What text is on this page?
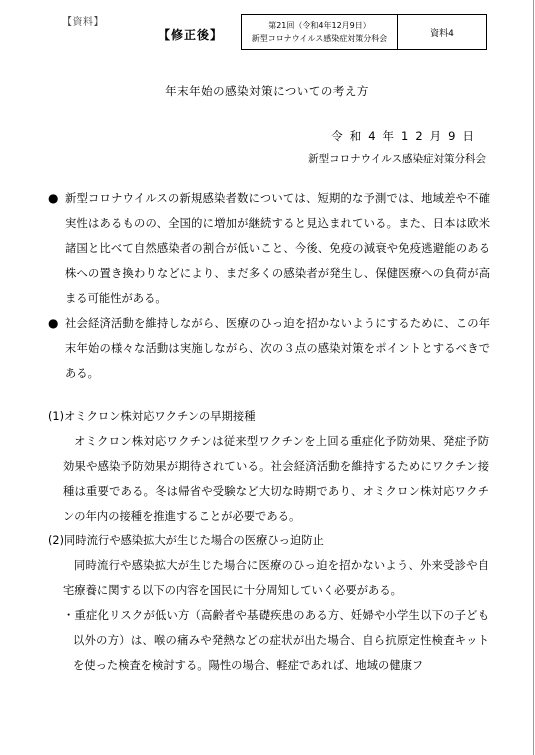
【資料】
【修正後】
第21回（令和4年12月9日）
新型コロナウイルス感染症対策分科会	資料4
年末年始の感染対策についての考え方
令和4年12月9日
新型コロナウイルス感染症対策分科会
● 新型コロナウイルスの新規感染者数については、短期的な予測では、地域差や不確実性はあるものの、全国的に増加が継続すると見込まれている。また、日本は欧米諸国と比べて自然感染者の割合が低いこと、今後、免疫の減衰や免疫逃避能のある株への置き換わりなどにより、まだ多くの感染者が発生し、保健医療への負荷が高まる可能性がある。
● 社会経済活動を維持しながら、医療のひっ迫を招かないようにするために、この年末年始の様々な活動は実施しながら、次の３点の感染対策をポイントとするべきである。
(1)オミクロン株対応ワクチンの早期接種
オミクロン株対応ワクチンは従来型ワクチンを上回る重症化予防効果、発症予防効果や感染予防効果が期待されている。社会経済活動を維持するためにワクチン接種は重要である。冬は帰省や受験など大切な時期であり、オミクロン株対応ワクチンの年内の接種を推進することが必要である。
(2)同時流行や感染拡大が生じた場合の医療ひっ迫防止
同時流行や感染拡大が生じた場合に医療のひっ迫を招かないよう、外来受診や自宅療養に関する以下の内容を国民に十分周知していく必要がある。
・重症化リスクが低い方（高齢者や基礎疾患のある方、妊婦や小学生以下の子ども以外の方）は、喉の痛みや発熱などの症状が出た場合、自ら抗原定性検査キットを使った検査を検討する。陽性の場合、軽症であれば、地域の健康フ
